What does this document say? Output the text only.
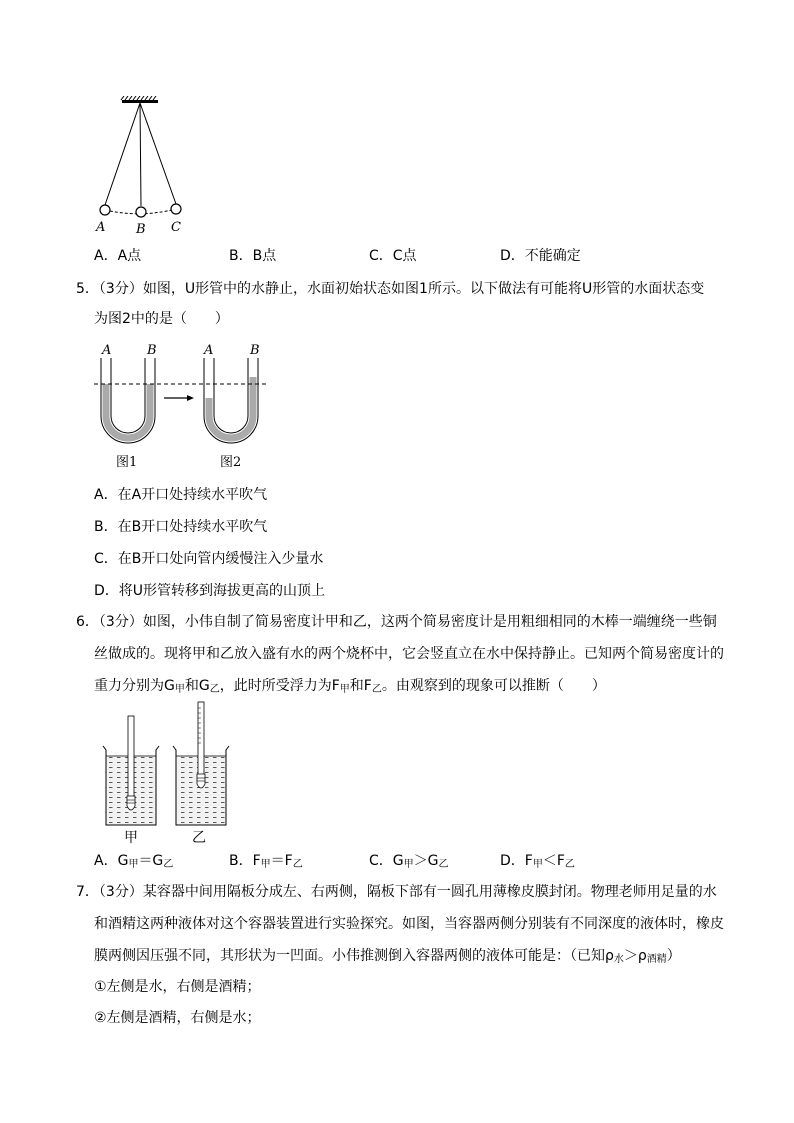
A B C
A．A点	B．B点	C．C点	D．不能确定
5．（3分）如图，U形管中的水静止，水面初始状态如图1所示。以下做法有可能将U形管的水面状态变
为图2中的是（　　）
A	B	A	B
图1	图2
A．在A开口处持续水平吹气
B．在B开口处持续水平吹气
C．在B开口处向管内缓慢注入少量水
D．将U形管转移到海拔更高的山顶上
6．（3分）如图，小伟自制了简易密度计甲和乙，这两个简易密度计是用粗细相同的木棒一端缠绕一些铜
丝做成的。现将甲和乙放入盛有水的两个烧杯中，它会竖直立在水中保持静止。已知两个简易密度计的
重力分别为$G_甲$和$G_乙$，此时所受浮力为$F_甲$和$F_乙$。由观察到的现象可以推断（　　）
甲	乙
A．$G_甲=G_乙$	B．$F_甲=F_乙$	C．$G_甲>G_乙$	D．$F_甲<F_乙$
7．（3分）某容器中间用隔板分成左、右两侧，隔板下部有一圆孔用薄橡皮膜封闭。物理老师用足量的水
和酒精这两种液体对这个容器装置进行实验探究。如图，当容器两侧分别装有不同深度的液体时，橡皮
膜两侧因压强不同，其形状为一凹面。小伟推测倒入容器两侧的液体可能是：（已知$\rho_水>\rho_{酒精}$）
①左侧是水，右侧是酒精；
②左侧是酒精，右侧是水；
